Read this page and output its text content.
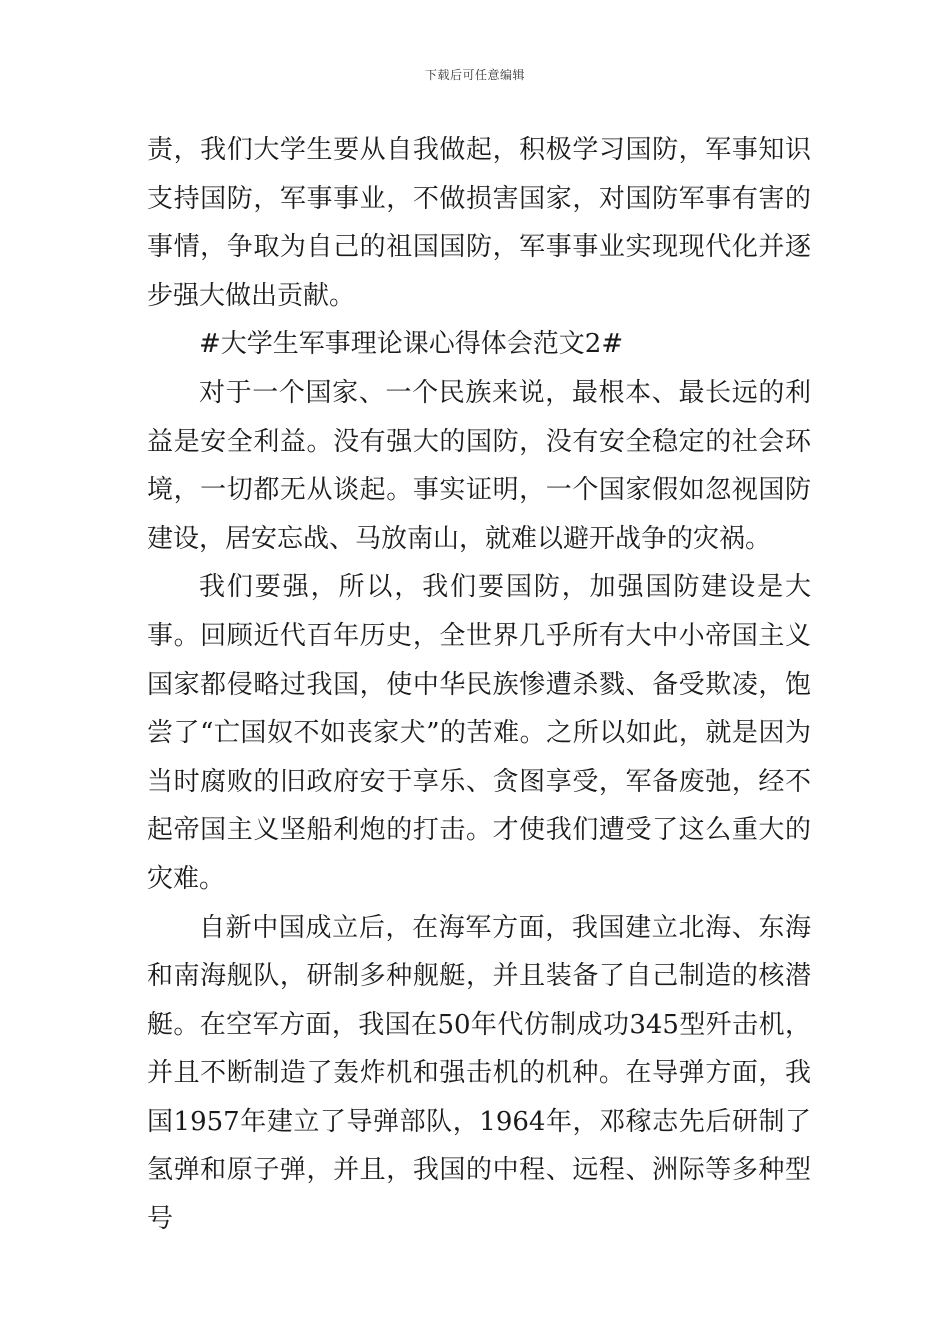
下载后可任意编辑

责，我们大学生要从自我做起，积极学习国防，军事知识支持国防，军事事业，不做损害国家，对国防军事有害的事情，争取为自己的祖国国防，军事事业实现现代化并逐步强大做出贡献。

#大学生军事理论课心得体会范文2#

对于一个国家、一个民族来说，最根本、最长远的利益是安全利益。没有强大的国防，没有安全稳定的社会环境，一切都无从谈起。事实证明，一个国家假如忽视国防建设，居安忘战、马放南山，就难以避开战争的灾祸。

我们要强，所以，我们要国防，加强国防建设是大事。回顾近代百年历史，全世界几乎所有大中小帝国主义国家都侵略过我国，使中华民族惨遭杀戮、备受欺凌，饱尝了“亡国奴不如丧家犬”的苦难。之所以如此，就是因为当时腐败的旧政府安于享乐、贪图享受，军备废弛，经不起帝国主义坚船利炮的打击。才使我们遭受了这么重大的灾难。

自新中国成立后，在海军方面，我国建立北海、东海和南海舰队，研制多种舰艇，并且装备了自己制造的核潜艇。在空军方面，我国在50年代仿制成功345型歼击机，并且不断制造了轰炸机和强击机的机种。在导弹方面，我国1957年建立了导弹部队，1964年，邓稼志先后研制了氢弹和原子弹，并且，我国的中程、远程、洲际等多种型号
